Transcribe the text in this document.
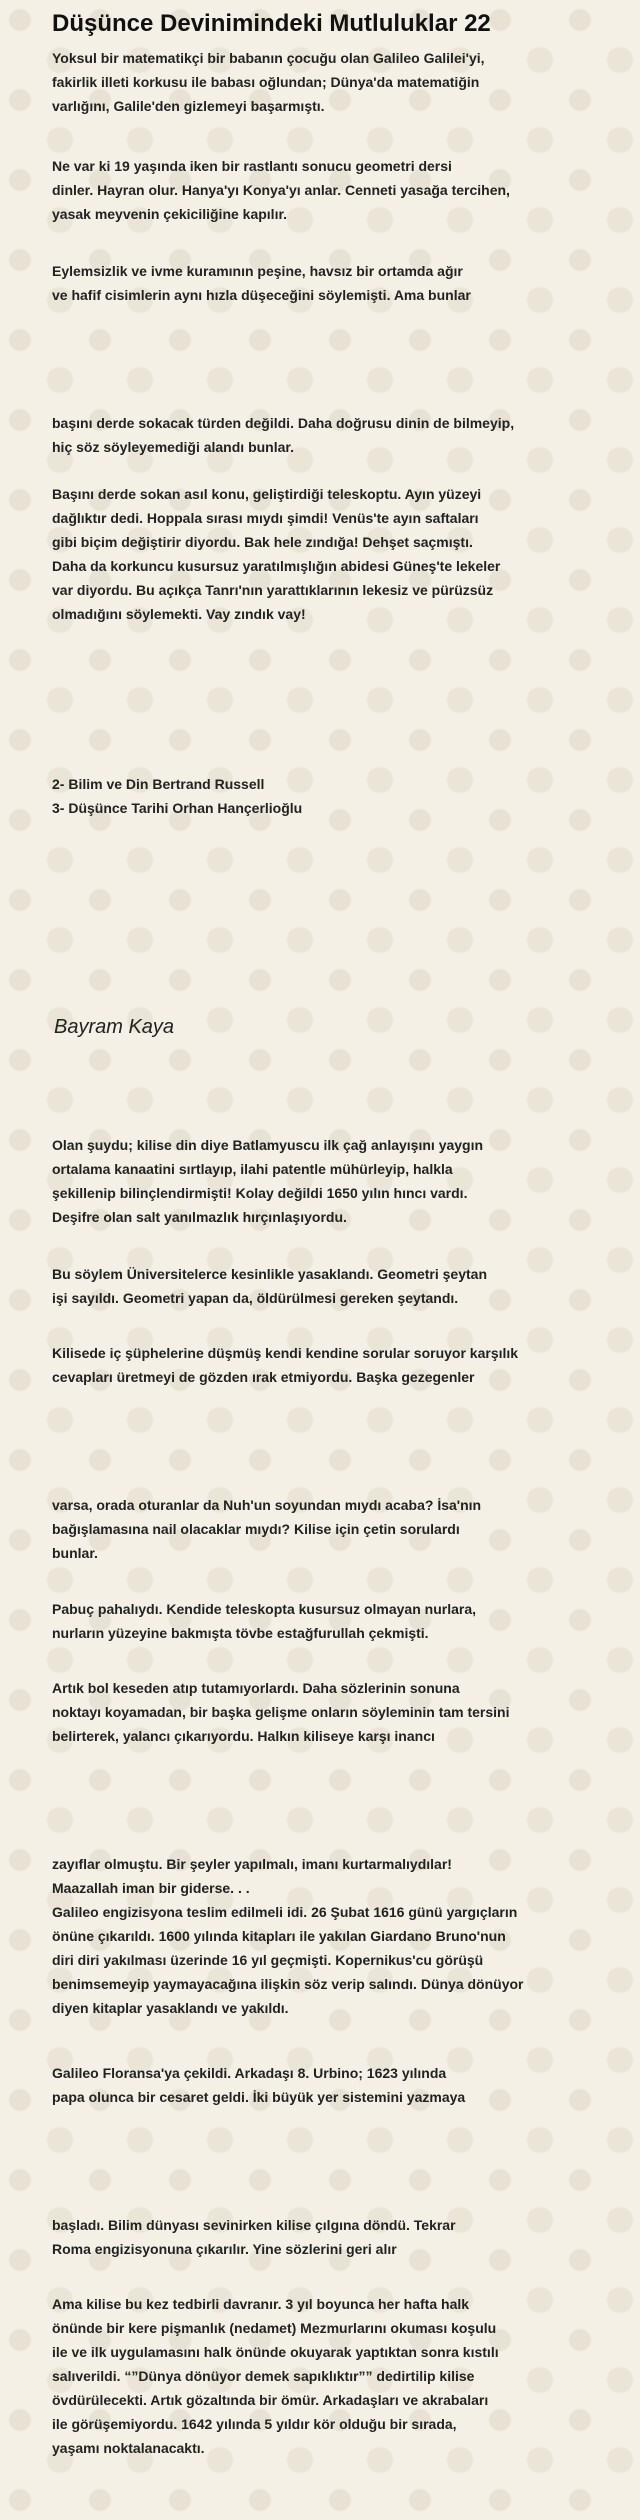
Düşünce Devinimindeki Mutluluklar 22

Yoksul bir matematikçi bir babanın çocuğu olan Galileo Galilei'yi,
fakirlik illeti korkusu ile babası oğlundan; Dünya'da matematiğin
varlığını, Galile'den gizlemeyi başarmıştı.

Ne var ki 19 yaşında iken bir rastlantı sonucu geometri dersi
dinler. Hayran olur. Hanya'yı Konya'yı anlar. Cenneti yasağa tercihen,
yasak meyvenin çekiciliğine kapılır.

Eylemsizlik ve ivme kuramının peşine, havsız bir ortamda ağır
ve hafif cisimlerin aynı hızla düşeceğini söylemişti. Ama bunlar

başını derde sokacak türden değildi. Daha doğrusu dinin de bilmeyip,
hiç söz söyleyemediği alandı bunlar.

Başını derde sokan asıl konu, geliştirdiği teleskoptu. Ayın yüzeyi
dağlıktır dedi. Hoppala sırası mıydı şimdi! Venüs'te ayın saftaları
gibi biçim değiştirir diyordu. Bak hele zındığa! Dehşet saçmıştı.
Daha da korkuncu kusursuz yaratılmışlığın abidesi Güneş'te lekeler
var diyordu. Bu açıkça Tanrı'nın yarattıklarının lekesiz ve pürüzsüz
olmadığını söylemekti. Vay zındık vay!

2- Bilim ve Din Bertrand Russell
3- Düşünce Tarihi Orhan Hançerlioğlu

Bayram Kaya

Olan şuydu; kilise din diye Batlamyuscu ilk çağ anlayışını yaygın
ortalama kanaatini sırtlayıp, ilahi patentle mühürleyip, halkla
şekillenip bilinçlendirmişti! Kolay değildi 1650 yılın hıncı vardı.
Deşifre olan salt yanılmazlık hırçınlaşıyordu.

Bu söylem Üniversitelerce kesinlikle yasaklandı. Geometri şeytan
işi sayıldı. Geometri yapan da, öldürülmesi gereken şeytandı.

Kilisede iç şüphelerine düşmüş kendi kendine sorular soruyor karşılık
cevapları üretmeyi de gözden ırak etmiyordu. Başka gezegenler

varsa, orada oturanlar da Nuh'un soyundan mıydı acaba? İsa'nın
bağışlamasına nail olacaklar mıydı? Kilise için çetin sorulardı
bunlar.

Pabuç pahalıydı. Kendide teleskopta kusursuz olmayan nurlara,
nurların yüzeyine bakmışta tövbe estağfurullah çekmişti.

Artık bol keseden atıp tutamıyorlardı. Daha sözlerinin sonuna
noktayı koyamadan, bir başka gelişme onların söyleminin tam tersini
belirterek, yalancı çıkarıyordu. Halkın kiliseye karşı inancı

zayıflar olmuştu. Bir şeyler yapılmalı, imanı kurtarmalıydılar!
Maazallah iman bir giderse. . .
Galileo engizisyona teslim edilmeli idi. 26 Şubat 1616 günü yargıçların
önüne çıkarıldı. 1600 yılında kitapları ile yakılan Giardano Bruno'nun
diri diri yakılması üzerinde 16 yıl geçmişti. Kopernikus'cu görüşü
benimsemeyip yaymayacağına ilişkin söz verip salındı. Dünya dönüyor
diyen kitaplar yasaklandı ve yakıldı.

Galileo Floransa'ya çekildi. Arkadaşı 8. Urbino; 1623 yılında
papa olunca bir cesaret geldi. İki büyük yer sistemini yazmaya

başladı. Bilim dünyası sevinirken kilise çılgına döndü. Tekrar
Roma engizisyonuna çıkarılır. Yine sözlerini geri alır

Ama kilise bu kez tedbirli davranır. 3 yıl boyunca her hafta halk
önünde bir kere pişmanlık (nedamet) Mezmurlarını okuması koşulu
ile ve ilk uygulamasını halk önünde okuyarak yaptıktan sonra kıstılı
salıverildi. “”Dünya dönüyor demek sapıklıktır”” dedirtilip kilise
övdürülecekti. Artık gözaltında bir ömür. Arkadaşları ve akrabaları
ile görüşemiyordu. 1642 yılında 5 yıldır kör olduğu bir sırada,
yaşamı noktalanacaktı.
